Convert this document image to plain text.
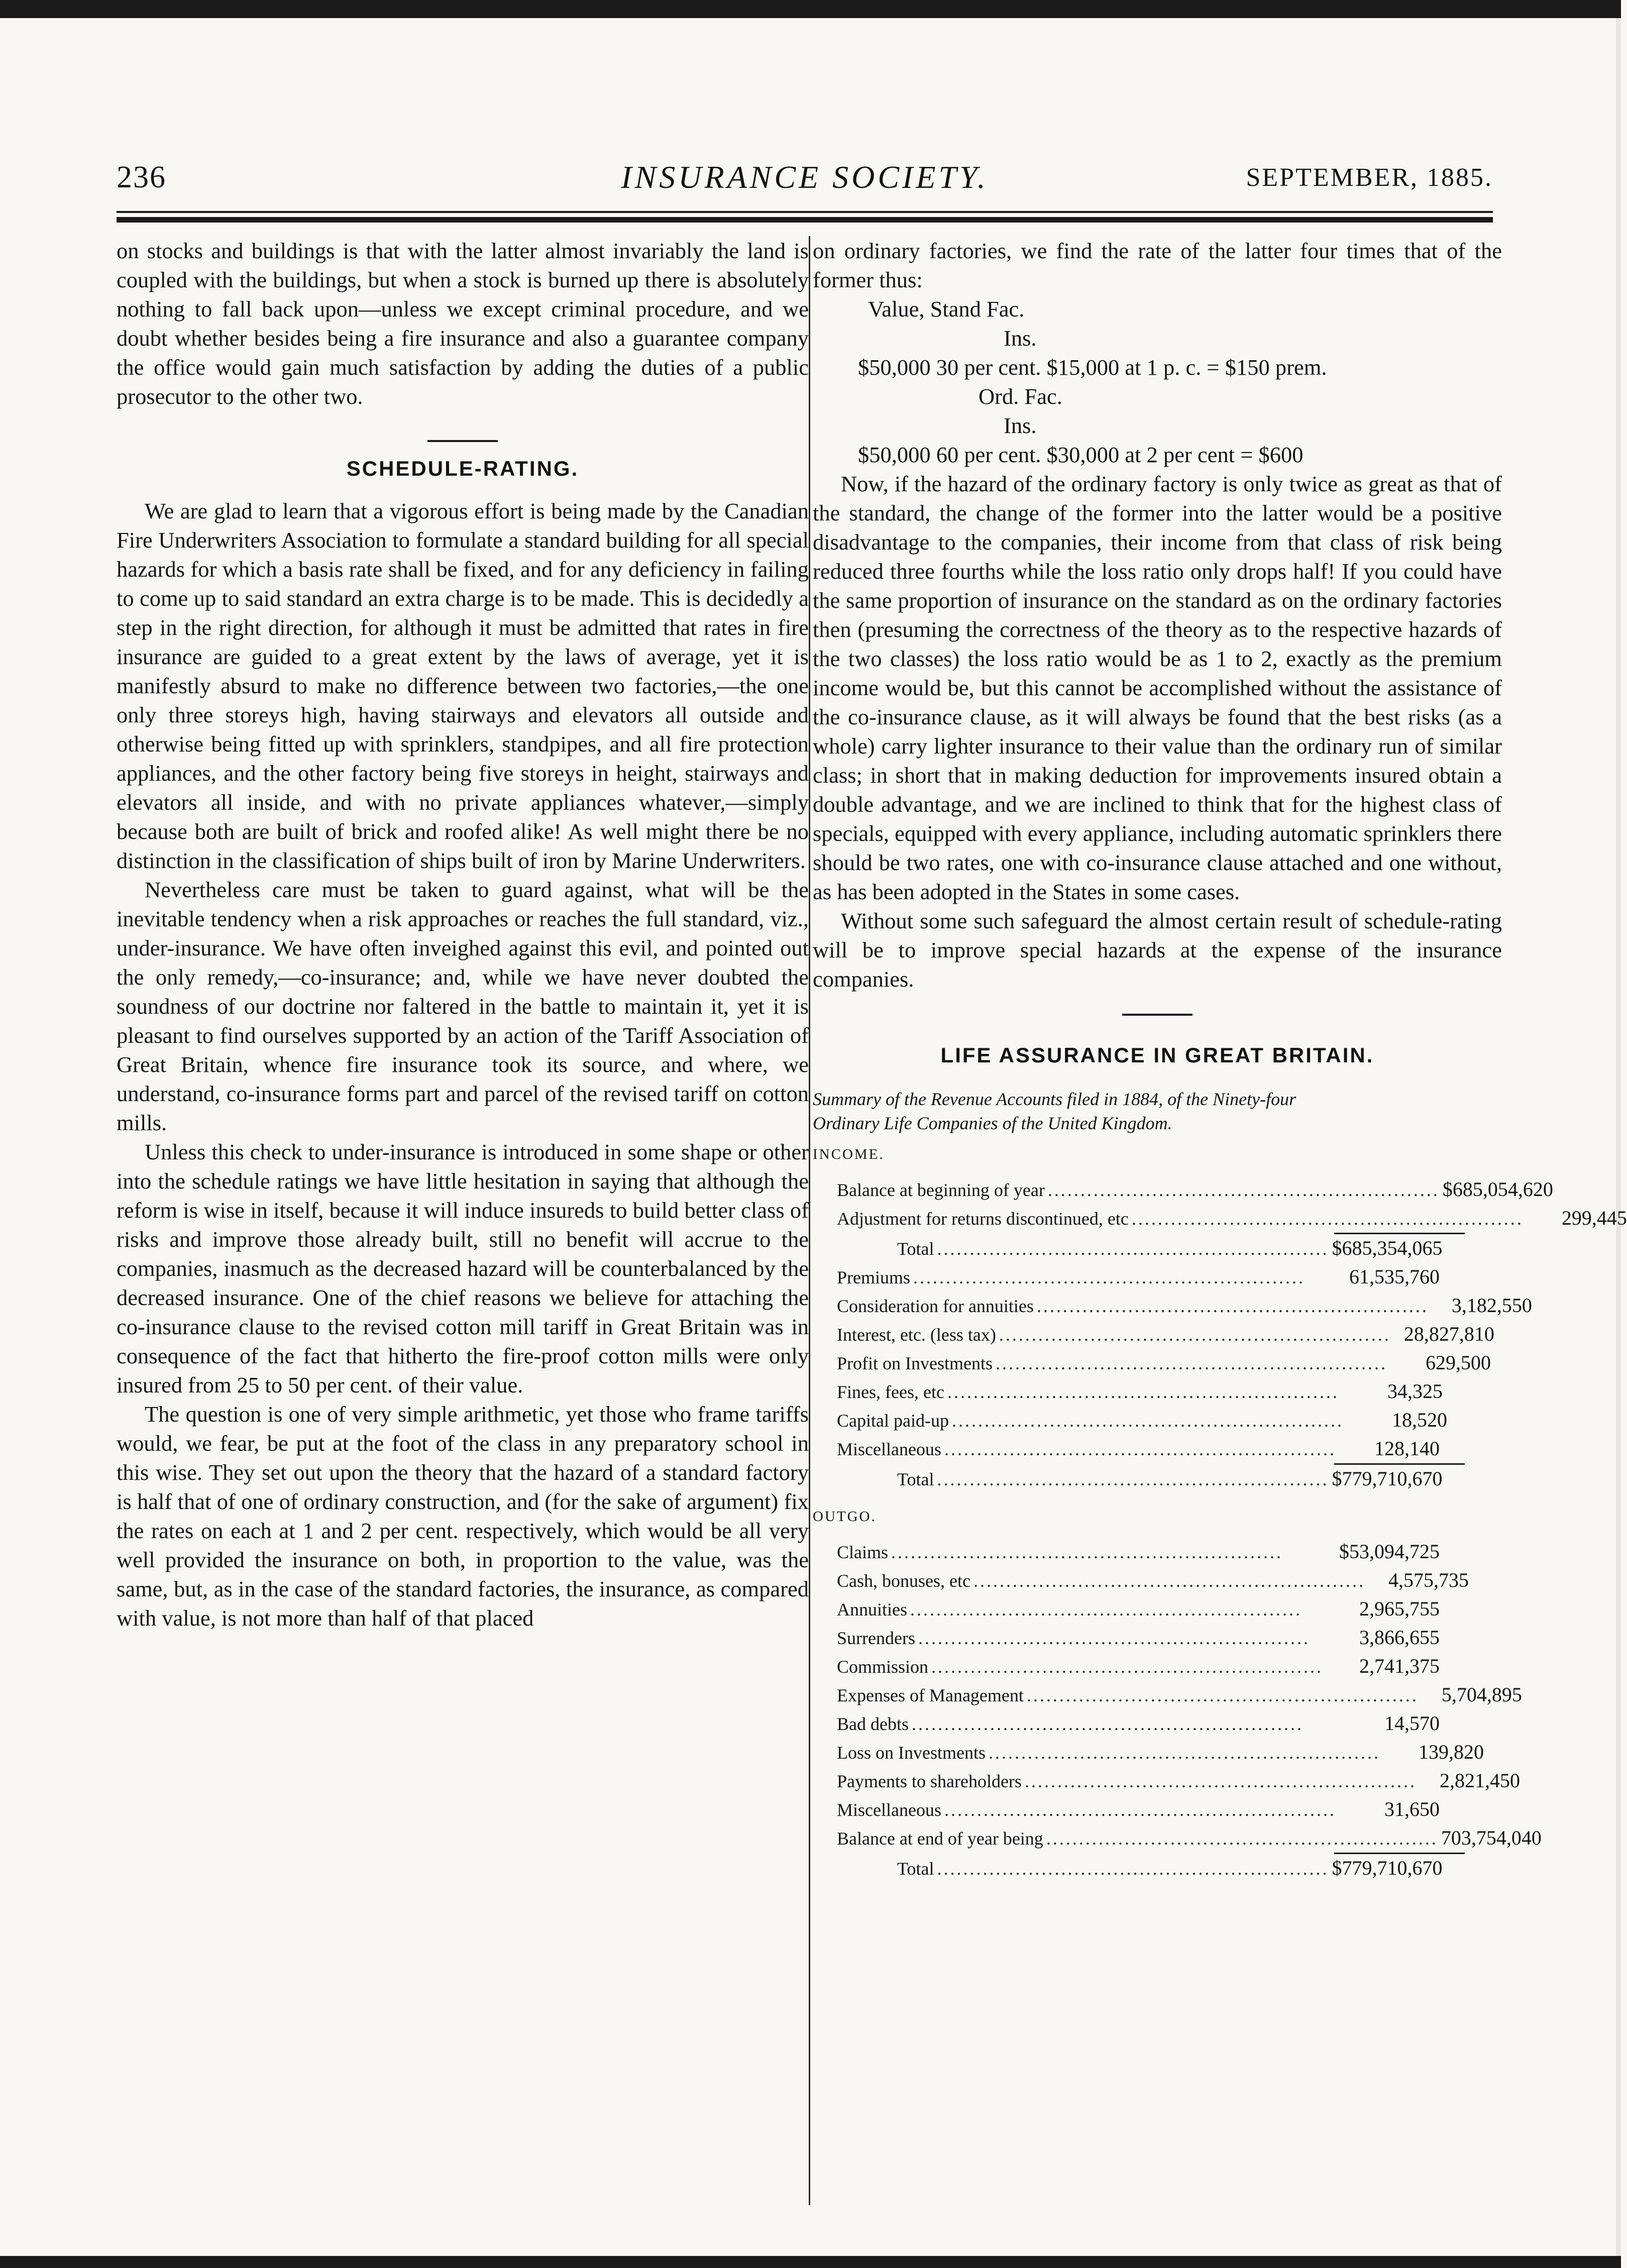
236	INSURANCE SOCIETY.	SEPTEMBER, 1885.

on stocks and buildings is that with the latter almost invariably the land is coupled with the buildings, but when a stock is burned up there is absolutely nothing to fall back upon—unless we except criminal procedure, and we doubt whether besides being a fire insurance and also a guarantee company the office would gain much satisfaction by adding the duties of a public prosecutor to the other two.

SCHEDULE-RATING.

We are glad to learn that a vigorous effort is being made by the Canadian Fire Underwriters Association to formulate a standard building for all special hazards for which a basis rate shall be fixed, and for any deficiency in failing to come up to said standard an extra charge is to be made. This is decidedly a step in the right direction, for although it must be admitted that rates in fire insurance are guided to a great extent by the laws of average, yet it is manifestly absurd to make no difference between two factories,—the one only three storeys high, having stairways and elevators all outside and otherwise being fitted up with sprinklers, standpipes, and all fire protection appliances, and the other factory being five storeys in height, stairways and elevators all inside, and with no private appliances whatever,—simply because both are built of brick and roofed alike! As well might there be no distinction in the classification of ships built of iron by Marine Underwriters.

Nevertheless care must be taken to guard against, what will be the inevitable tendency when a risk approaches or reaches the full standard, viz., under-insurance. We have often inveighed against this evil, and pointed out the only remedy,—co-insurance; and, while we have never doubted the soundness of our doctrine nor faltered in the battle to maintain it, yet it is pleasant to find ourselves supported by an action of the Tariff Association of Great Britain, whence fire insurance took its source, and where, we understand, co-insurance forms part and parcel of the revised tariff on cotton mills.

Unless this check to under-insurance is introduced in some shape or other into the schedule ratings we have little hesitation in saying that although the reform is wise in itself, because it will induce insureds to build better class of risks and improve those already built, still no benefit will accrue to the companies, inasmuch as the decreased hazard will be counterbalanced by the decreased insurance. One of the chief reasons we believe for attaching the co-insurance clause to the revised cotton mill tariff in Great Britain was in consequence of the fact that hitherto the fire-proof cotton mills were only insured from 25 to 50 per cent. of their value.

The question is one of very simple arithmetic, yet those who frame tariffs would, we fear, be put at the foot of the class in any preparatory school in this wise. They set out upon the theory that the hazard of a standard factory is half that of one of ordinary construction, and (for the sake of argument) fix the rates on each at 1 and 2 per cent. respectively, which would be all very well provided the insurance on both, in proportion to the value, was the same, but, as in the case of the standard factories, the insurance, as compared with value, is not more than half of that placed

on ordinary factories, we find the rate of the latter four times that of the former thus:

Value, Stand Fac.
Ins.
$50,000 30 per cent. $15,000 at 1 p. c. = $150 prem.
Ord. Fac.
Ins.
$50,000 60 per cent. $30,000 at 2 per cent = $600

Now, if the hazard of the ordinary factory is only twice as great as that of the standard, the change of the former into the latter would be a positive disadvantage to the companies, their income from that class of risk being reduced three fourths while the loss ratio only drops half! If you could have the same proportion of insurance on the standard as on the ordinary factories then (presuming the correctness of the theory as to the respective hazards of the two classes) the loss ratio would be as 1 to 2, exactly as the premium income would be, but this cannot be accomplished without the assistance of the co-insurance clause, as it will always be found that the best risks (as a whole) carry lighter insurance to their value than the ordinary run of similar class; in short that in making deduction for improvements insured obtain a double advantage, and we are inclined to think that for the highest class of specials, equipped with every appliance, including automatic sprinklers there should be two rates, one with co-insurance clause attached and one without, as has been adopted in the States in some cases.

Without some such safeguard the almost certain result of schedule-rating will be to improve special hazards at the expense of the insurance companies.

LIFE ASSURANCE IN GREAT BRITAIN.

Summary of the Revenue Accounts filed in 1884, of the Ninety-four

Ordinary Life Companies of the United Kingdom.

INCOME.

Balance at beginning of year ............................................................ $685,054,620
Adjustment for returns discontinued, etc ............................................................	299,445
Total ............................................................ $685,354,065
Premiums ............................................................	61,535,760
Consideration for annuities ............................................................	3,182,550
Interest, etc. (less tax) ............................................................ 28,827,810
Profit on Investments ............................................................	629,500
Fines, fees, etc ............................................................	34,325
Capital paid-up ............................................................	18,520
Miscellaneous ............................................................	128,140
Total ............................................................ $779,710,670

OUTGO.

Claims ............................................................	$53,094,725
Cash, bonuses, etc ............................................................	4,575,735
Annuities ............................................................	2,965,755
Surrenders ............................................................	3,866,655
Commission ............................................................	2,741,375
Expenses of Management ............................................................	5,704,895
Bad debts ............................................................	14,570
Loss on Investments ............................................................	139,820
Payments to shareholders ............................................................	2,821,450
Miscellaneous ............................................................	31,650
Balance at end of year being ............................................................ 703,754,040
Total ............................................................ $779,710,670
